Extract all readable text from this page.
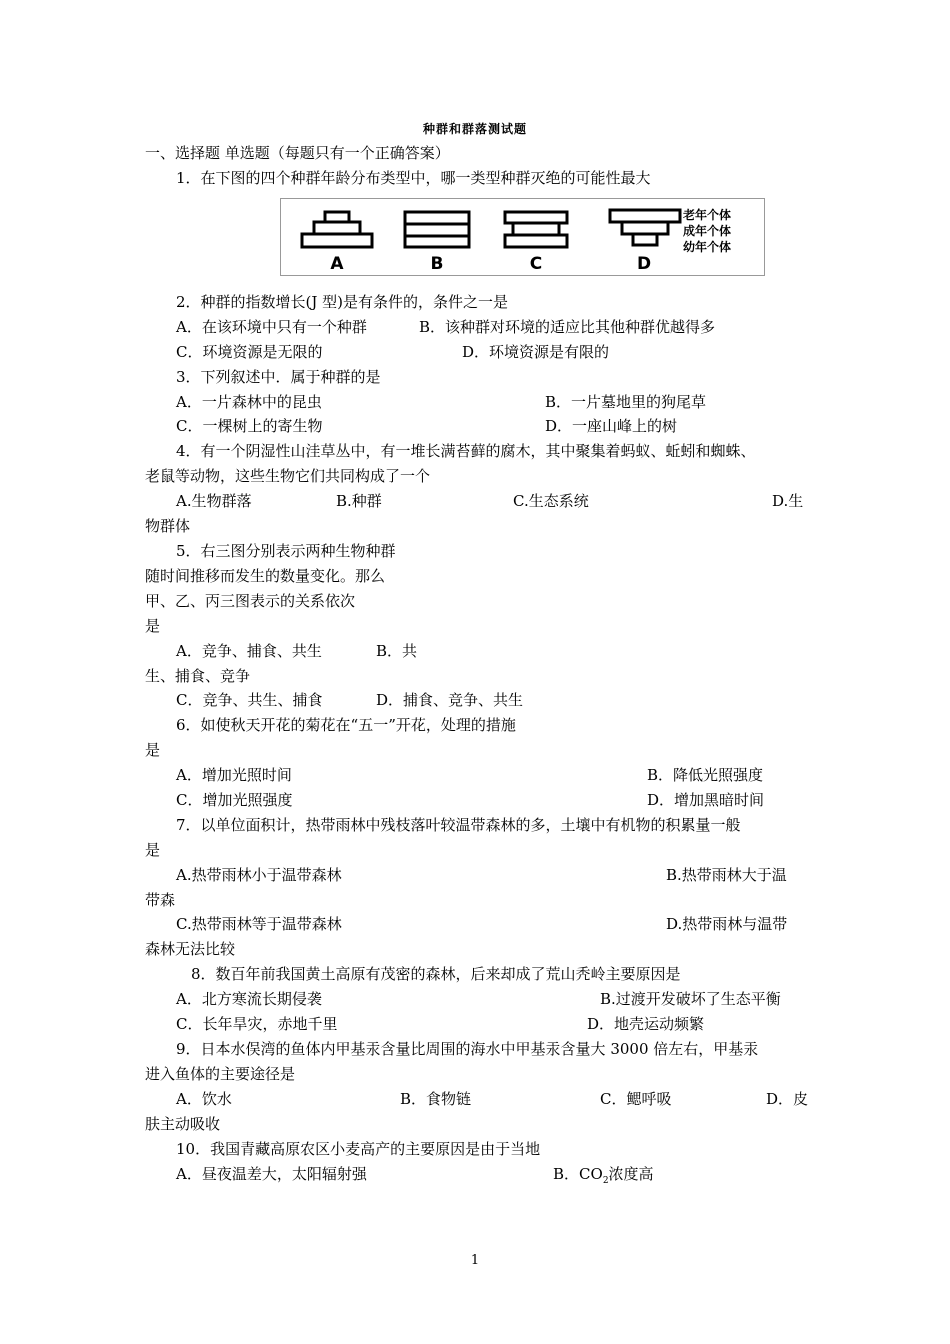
种群和群落测试题
一、选择题 单选题（每题只有一个正确答案）
1．在下图的四个种群年龄分布类型中，哪一类型种群灭绝的可能性最大
A	B	C	D
老年个体
成年个体
幼年个体
2．种群的指数增长(J 型)是有条件的，条件之一是
A．在该环境中只有一个种群	B．该种群对环境的适应比其他种群优越得多
C．环境资源是无限的	D．环境资源是有限的
3．下列叙述中．属于种群的是
A．一片森林中的昆虫	B．一片墓地里的狗尾草
C．一棵树上的寄生物	D．一座山峰上的树
4．有一个阴湿性山洼草丛中，有一堆长满苔藓的腐木，其中聚集着蚂蚁、蚯蚓和蜘蛛、
老鼠等动物，这些生物它们共同构成了一个
A.生物群落	B.种群	C.生态系统	D.生
物群体
5．右三图分别表示两种生物种群
随时间推移而发生的数量变化。那么
甲、乙、丙三图表示的关系依次
是
A．竞争、捕食、共生	B．共
生、捕食、竞争
C．竞争、共生、捕食	D．捕食、竞争、共生
6．如使秋天开花的菊花在“五一”开花，处理的措施
是
A．增加光照时间	B．降低光照强度
C．增加光照强度	D．增加黑暗时间
7．以单位面积计，热带雨林中残枝落叶较温带森林的多，土壤中有机物的积累量一般
是
A.热带雨林小于温带森林	B.热带雨林大于温
带森
C.热带雨林等于温带森林	D.热带雨林与温带
森林无法比较
8．数百年前我国黄土高原有茂密的森林，后来却成了荒山秃岭主要原因是
A．北方寒流长期侵袭	B.过渡开发破坏了生态平衡
C．长年旱灾，赤地千里	D．地壳运动频繁
9．日本水俣湾的鱼体内甲基汞含量比周围的海水中甲基汞含量大 3000 倍左右，甲基汞
进入鱼体的主要途径是
A．饮水	B．食物链	C．鳃呼吸	D．皮
肤主动吸收
10．我国青藏高原农区小麦高产的主要原因是由于当地
A．昼夜温差大，太阳辐射强	B．$CO_2$浓度高
1
